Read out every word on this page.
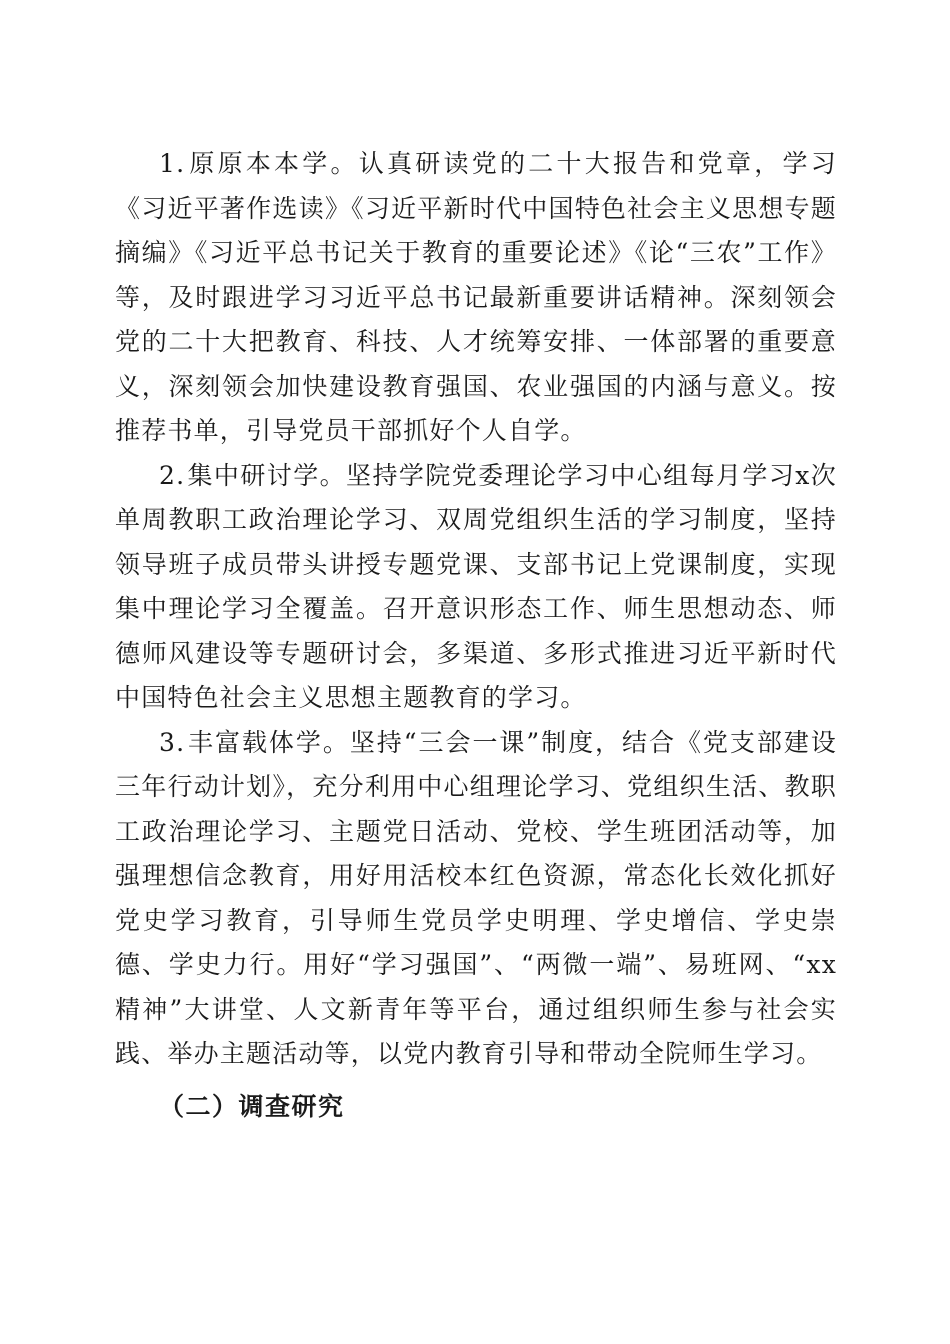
1.原原本本学。认真研读党的二十大报告和党章，学习《习近平著作选读》《习近平新时代中国特色社会主义思想专题摘编》《习近平总书记关于教育的重要论述》《论“三农”工作》等，及时跟进学习习近平总书记最新重要讲话精神。深刻领会党的二十大把教育、科技、人才统筹安排、一体部署的重要意义，深刻领会加快建设教育强国、农业强国的内涵与意义。按推荐书单，引导党员干部抓好个人自学。

2.集中研讨学。坚持学院党委理论学习中心组每月学习x次单周教职工政治理论学习、双周党组织生活的学习制度，坚持领导班子成员带头讲授专题党课、支部书记上党课制度，实现集中理论学习全覆盖。召开意识形态工作、师生思想动态、师德师风建设等专题研讨会，多渠道、多形式推进习近平新时代中国特色社会主义思想主题教育的学习。

3.丰富载体学。坚持“三会一课”制度，结合《党支部建设三年行动计划》，充分利用中心组理论学习、党组织生活、教职工政治理论学习、主题党日活动、党校、学生班团活动等，加强理想信念教育，用好用活校本红色资源，常态化长效化抓好党史学习教育，引导师生党员学史明理、学史增信、学史崇德、学史力行。用好“学习强国”、“两微一端”、易班网、“xx精神”大讲堂、人文新青年等平台，通过组织师生参与社会实践、举办主题活动等，以党内教育引导和带动全院师生学习。

（二）调查研究
